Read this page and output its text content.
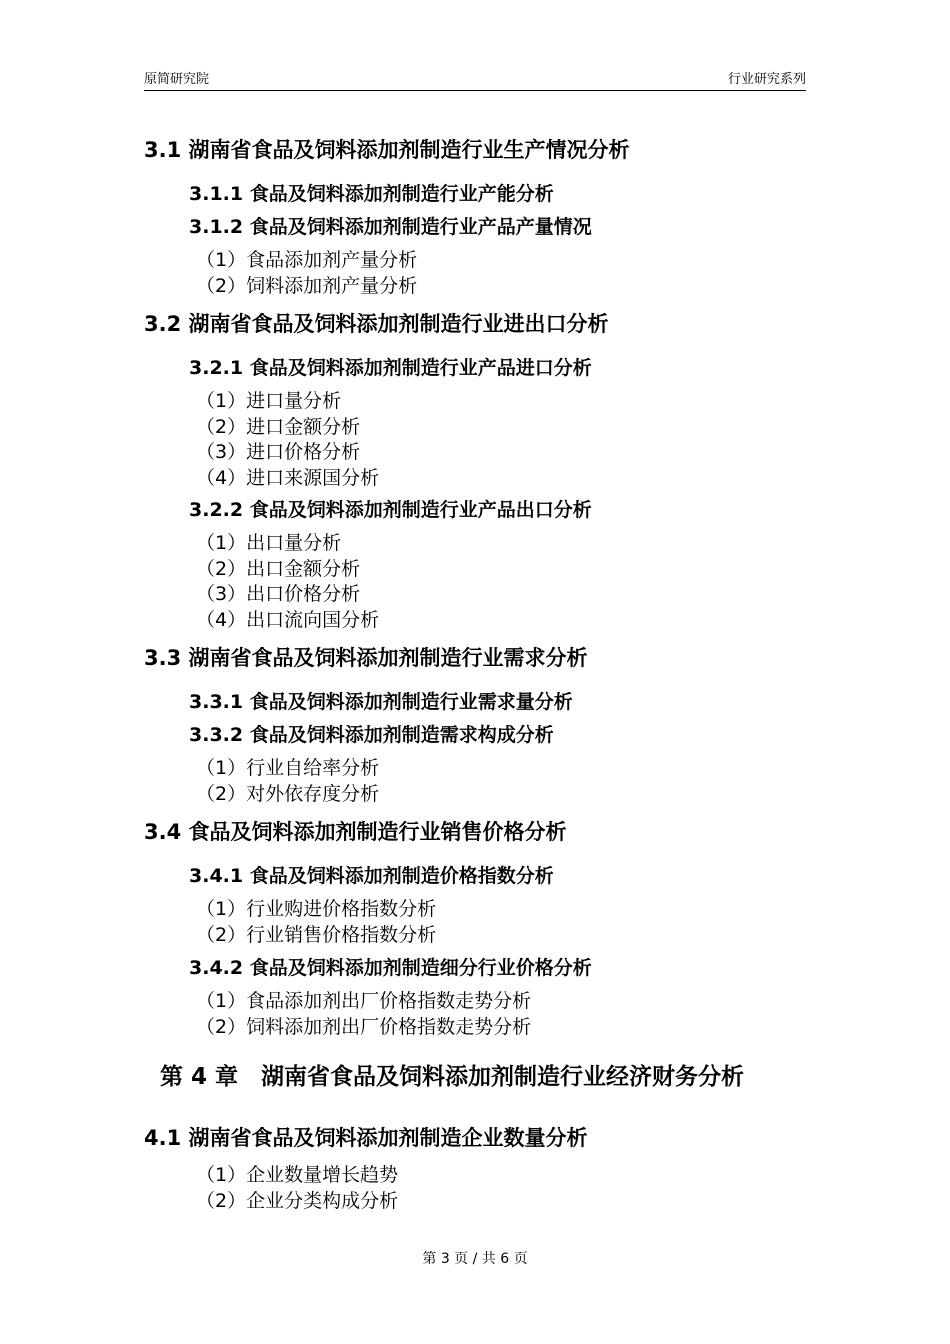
原简研究院	行业研究系列
3.1 湖南省食品及饲料添加剂制造行业生产情况分析
3.1.1 食品及饲料添加剂制造行业产能分析
3.1.2 食品及饲料添加剂制造行业产品产量情况
（1）食品添加剂产量分析
（2）饲料添加剂产量分析
3.2 湖南省食品及饲料添加剂制造行业进出口分析
3.2.1 食品及饲料添加剂制造行业产品进口分析
（1）进口量分析
（2）进口金额分析
（3）进口价格分析
（4）进口来源国分析
3.2.2 食品及饲料添加剂制造行业产品出口分析
（1）出口量分析
（2）出口金额分析
（3）出口价格分析
（4）出口流向国分析
3.3 湖南省食品及饲料添加剂制造行业需求分析
3.3.1 食品及饲料添加剂制造行业需求量分析
3.3.2 食品及饲料添加剂制造需求构成分析
（1）行业自给率分析
（2）对外依存度分析
3.4 食品及饲料添加剂制造行业销售价格分析
3.4.1 食品及饲料添加剂制造价格指数分析
（1）行业购进价格指数分析
（2）行业销售价格指数分析
3.4.2 食品及饲料添加剂制造细分行业价格分析
（1）食品添加剂出厂价格指数走势分析
（2）饲料添加剂出厂价格指数走势分析
第 4 章　湖南省食品及饲料添加剂制造行业经济财务分析
4.1 湖南省食品及饲料添加剂制造企业数量分析
（1）企业数量增长趋势
（2）企业分类构成分析
第 3 页 / 共 6 页
